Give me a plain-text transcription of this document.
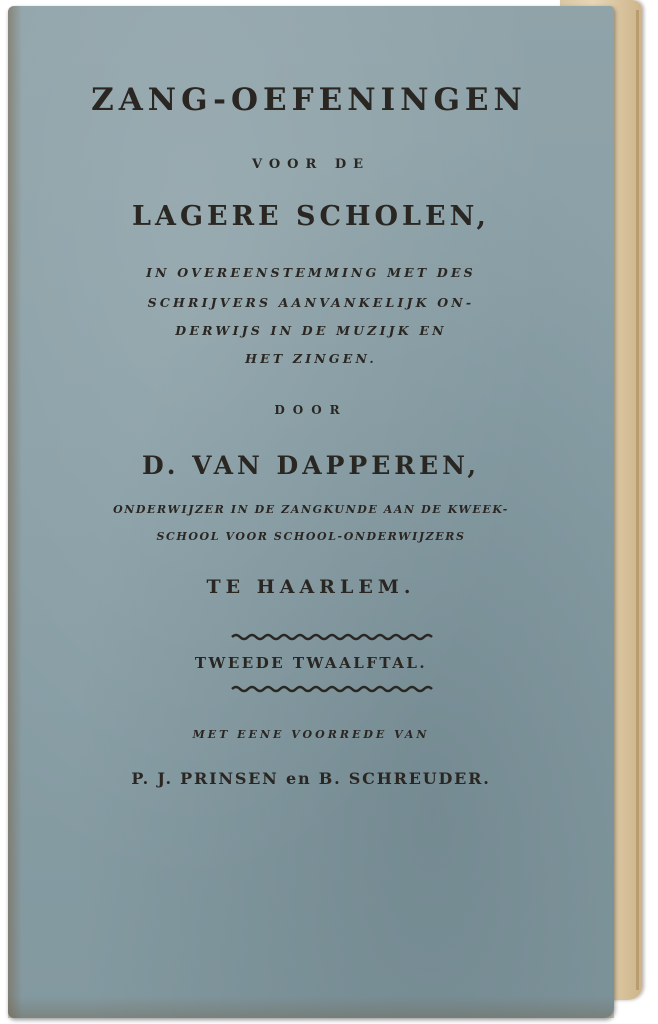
ZANG-OEFENINGEN
VOOR DE
LAGERE SCHOLEN,
IN OVEREENSTEMMING MET DES
SCHRIJVERS AANVANKELIJK ON-
DERWIJS IN DE MUZIJK EN
HET ZINGEN.
DOOR
D. VAN DAPPEREN,
ONDERWIJZER IN DE ZANGKUNDE AAN DE KWEEK-
SCHOOL VOOR SCHOOL-ONDERWIJZERS
TE HAARLEM.
TWEEDE TWAALFTAL.
MET EENE VOORREDE VAN
P. J. PRINSEN en B. SCHREUDER.
